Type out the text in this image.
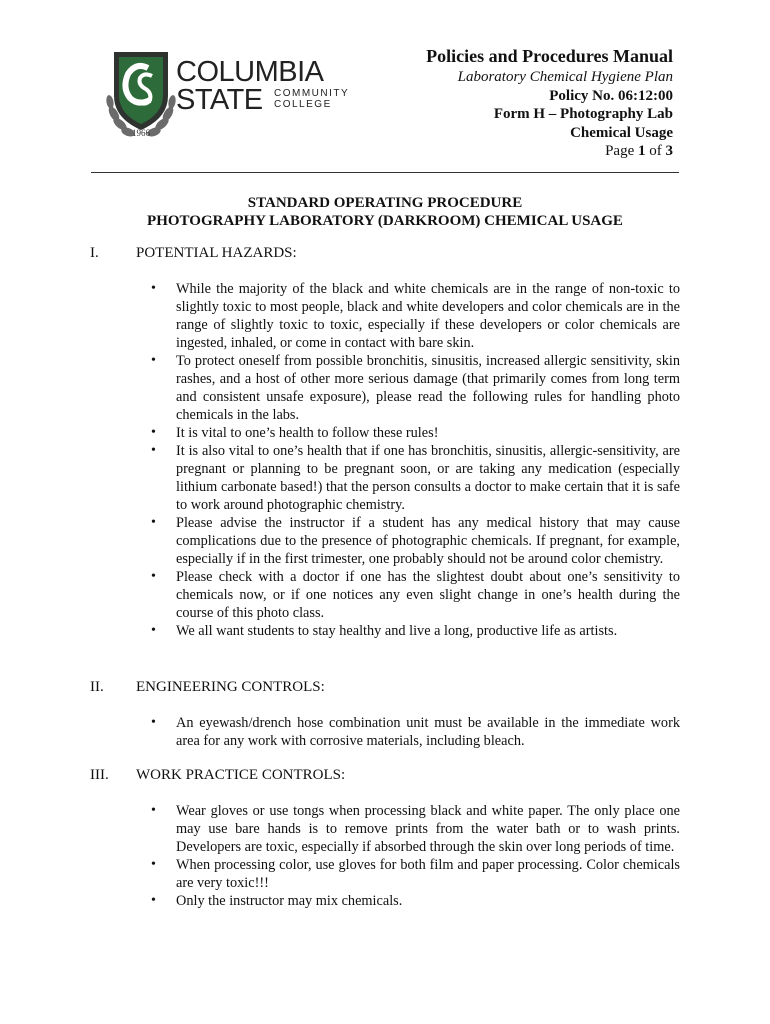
COLUMBIA
STATE COMMUNITY
COLLEGE
1966
Policies and Procedures Manual
Laboratory Chemical Hygiene Plan
Policy No. 06:12:00
Form H – Photography Lab
Chemical Usage
Page 1 of 3
STANDARD OPERATING PROCEDURE
PHOTOGRAPHY LABORATORY (DARKROOM) CHEMICAL USAGE
I. POTENTIAL HAZARDS:
• While the majority of the black and white chemicals are in the range of non-toxic to slightly toxic to most people, black and white developers and color chemicals are in the range of slightly toxic to toxic, especially if these developers or color chemicals are ingested, inhaled, or come in contact with bare skin.
• To protect oneself from possible bronchitis, sinusitis, increased allergic sensitivity, skin rashes, and a host of other more serious damage (that primarily comes from long term and consistent unsafe exposure), please read the following rules for handling photo chemicals in the labs.
• It is vital to one’s health to follow these rules!
• It is also vital to one’s health that if one has bronchitis, sinusitis, allergic-sensitivity, are pregnant or planning to be pregnant soon, or are taking any medication (especially lithium carbonate based!) that the person consults a doctor to make certain that it is safe to work around photographic chemistry.
• Please advise the instructor if a student has any medical history that may cause complications due to the presence of photographic chemicals. If pregnant, for example, especially if in the first trimester, one probably should not be around color chemistry.
• Please check with a doctor if one has the slightest doubt about one’s sensitivity to chemicals now, or if one notices any even slight change in one’s health during the course of this photo class.
• We all want students to stay healthy and live a long, productive life as artists.
II. ENGINEERING CONTROLS:
• An eyewash/drench hose combination unit must be available in the immediate work area for any work with corrosive materials, including bleach.
III. WORK PRACTICE CONTROLS:
• Wear gloves or use tongs when processing black and white paper. The only place one may use bare hands is to remove prints from the water bath or to wash prints. Developers are toxic, especially if absorbed through the skin over long periods of time.
• When processing color, use gloves for both film and paper processing. Color chemicals are very toxic!!!
• Only the instructor may mix chemicals.
